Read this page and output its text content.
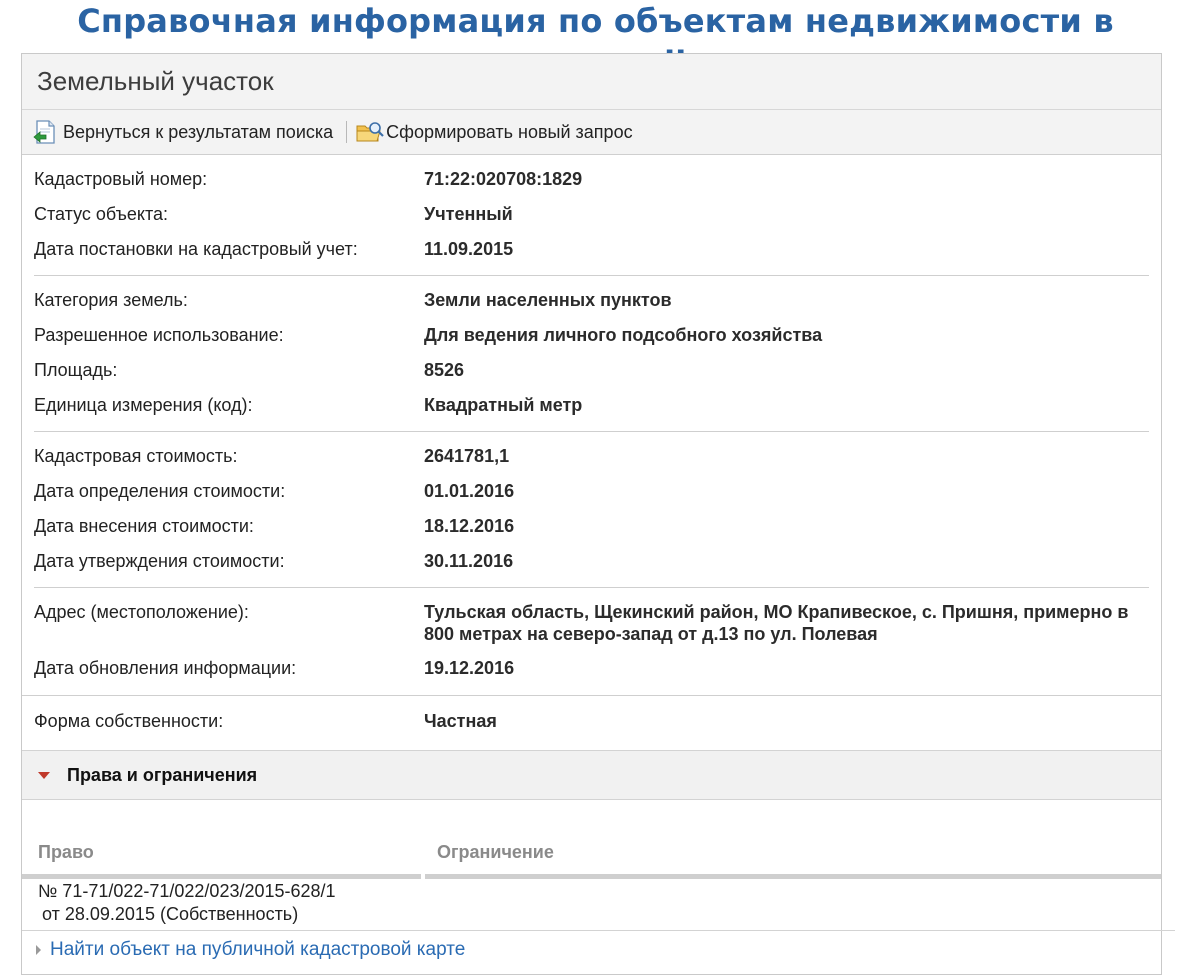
Справочная информация по объектам недвижимости в
Земельный участок
Вернуться к результатам поиска	Сформировать новый запрос
Кадастровый номер:	71:22:020708:1829
Статус объекта:	Учтенный
Дата постановки на кадастровый учет:	11.09.2015
Категория земель:	Земли населенных пунктов
Разрешенное использование:	Для ведения личного подсобного хозяйства
Площадь:	8526
Единица измерения (код):	Квадратный метр
Кадастровая стоимость:	2641781,1
Дата определения стоимости:	01.01.2016
Дата внесения стоимости:	18.12.2016
Дата утверждения стоимости:	30.11.2016
Адрес (местоположение):	Тульская область, Щекинский район, МО Крапивеское, с. Пришня, примерно в
800 метрах на северо-запад от д.13 по ул. Полевая
Дата обновления информации:	19.12.2016
Форма собственности:	Частная
Права и ограничения
Право	Ограничение
№ 71-71/022-71/022/023/2015-628/1
от 28.09.2015 (Собственность)
Найти объект на публичной кадастровой карте
